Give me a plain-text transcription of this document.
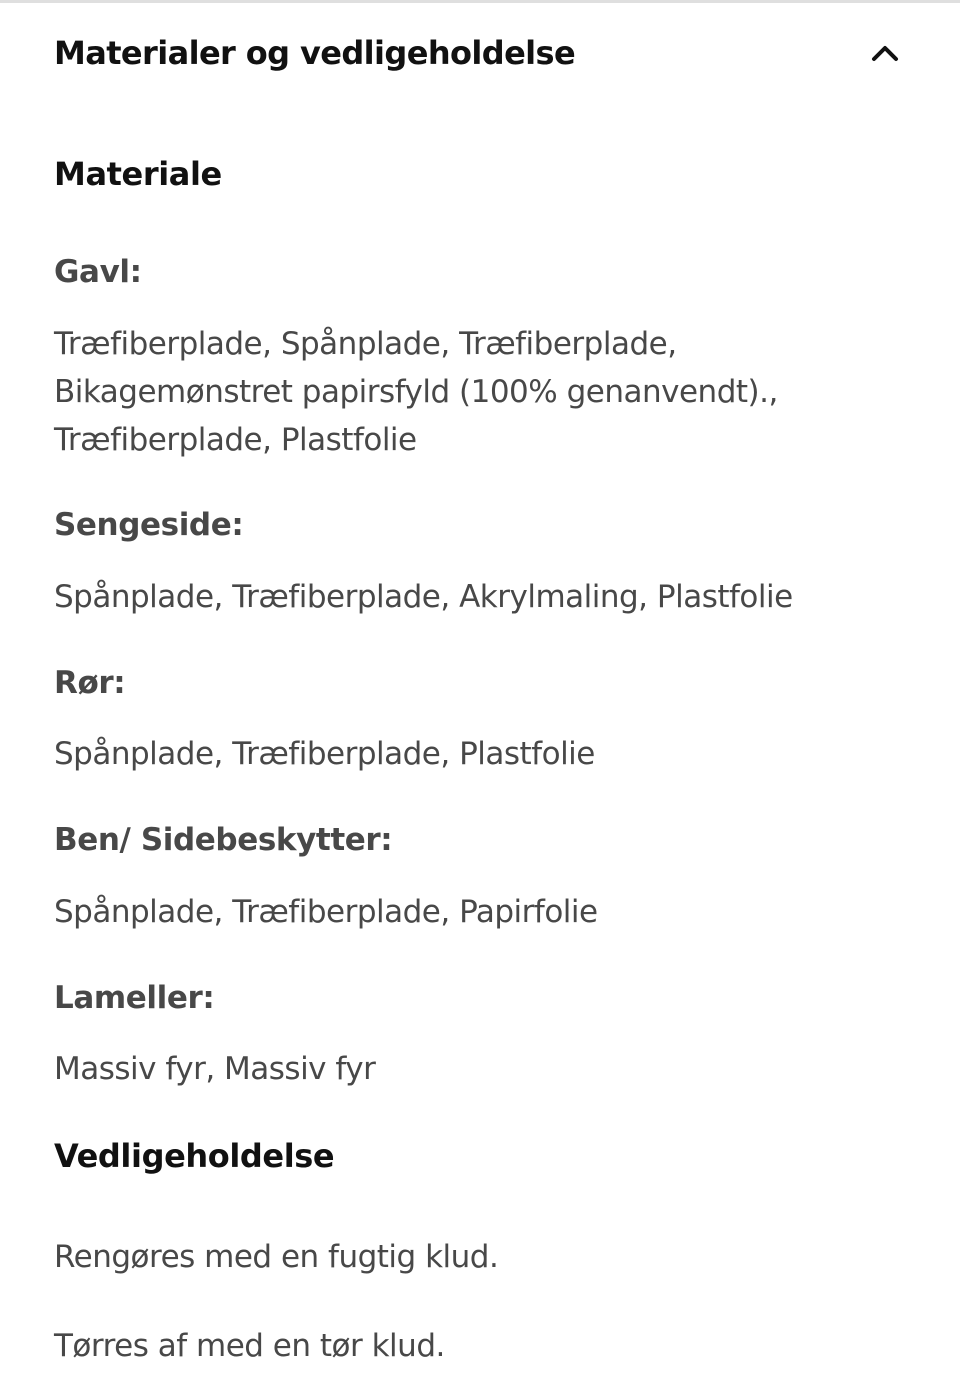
Materialer og vedligeholdelse
Materiale
Gavl:
Træfiberplade, Spånplade, Træfiberplade,
Bikagemønstret papirsfyld (100% genanvendt).,
Træfiberplade, Plastfolie
Sengeside:
Spånplade, Træfiberplade, Akrylmaling, Plastfolie
Rør:
Spånplade, Træfiberplade, Plastfolie
Ben/ Sidebeskytter:
Spånplade, Træfiberplade, Papirfolie
Lameller:
Massiv fyr, Massiv fyr
Vedligeholdelse
Rengøres med en fugtig klud.
Tørres af med en tør klud.
